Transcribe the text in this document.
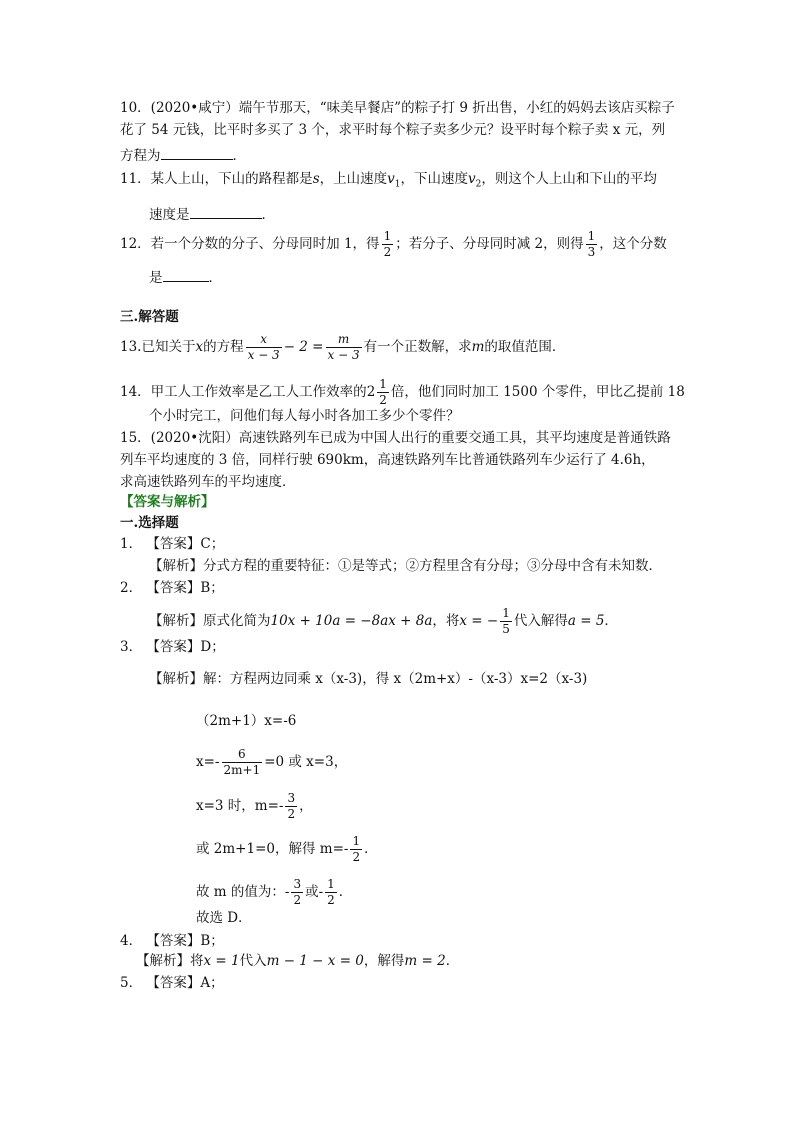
10．(2020•咸宁）端午节那天，“味美早餐店”的粽子打 9 折出售，小红的妈妈去该店买粽子
花了 54 元钱，比平时多买了 3 个，求平时每个粽子卖多少元？设平时每个粽子卖 x 元，列
方程为	．
11．某人上山，下山的路程都是s，上山速度$v_1$，下山速度$v_2$，则这个人上山和下山的平均
速度是	．
12．若一个分数的分子、分母同时加 1，得 $\frac{1}{2}$ ；若分子、分母同时减 2，则得 $\frac{1}{3}$ ，这个分数
是	．
三.解答题
13.已知关于x的方程 $\frac{x}{x - 3} - 2 = \frac{m}{x - 3}$ 有一个正数解，求m的取值范围．
14．甲工人工作效率是乙工人工作效率的$2 \frac{1}{2}$ 倍，他们同时加工 1500 个零件，甲比乙提前 18
个小时完工，问他们每人每小时各加工多少个零件？
15．(2020•沈阳）高速铁路列车已成为中国人出行的重要交通工具，其平均速度是普通铁路
列车平均速度的 3 倍，同样行驶 690km，高速铁路列车比普通铁路列车少运行了 4.6h，
求高速铁路列车的平均速度．
【答案与解析】
一.选择题
1． 【答案】C；
【解析】分式方程的重要特征：①是等式；②方程里含有分母；③分母中含有未知数．
2． 【答案】B；
【解析】原式化简为10x + 10a = −8ax + 8a，将x = − $\frac{1}{5}$ 代入解得a = 5．
3． 【答案】D；
【解析】解：方程两边同乘 x（x-3)，得 x（2m+x）-（x-3）x=2（x-3)
（2m+1）x=-6
$x=- \frac{6}{2m+1} =0$ 或 x=3，
x=3 时，$m=- \frac{3}{2}$ ，
或 2m+1=0，解得 $m=- \frac{1}{2}$ ．
故 m 的值为：- $\frac{3}{2}$ 或- $\frac{1}{2}$ ．
故选 D．
4． 【答案】B；
【解析】将x = 1代入m − 1 − x = 0，解得m = 2．
5． 【答案】A；
